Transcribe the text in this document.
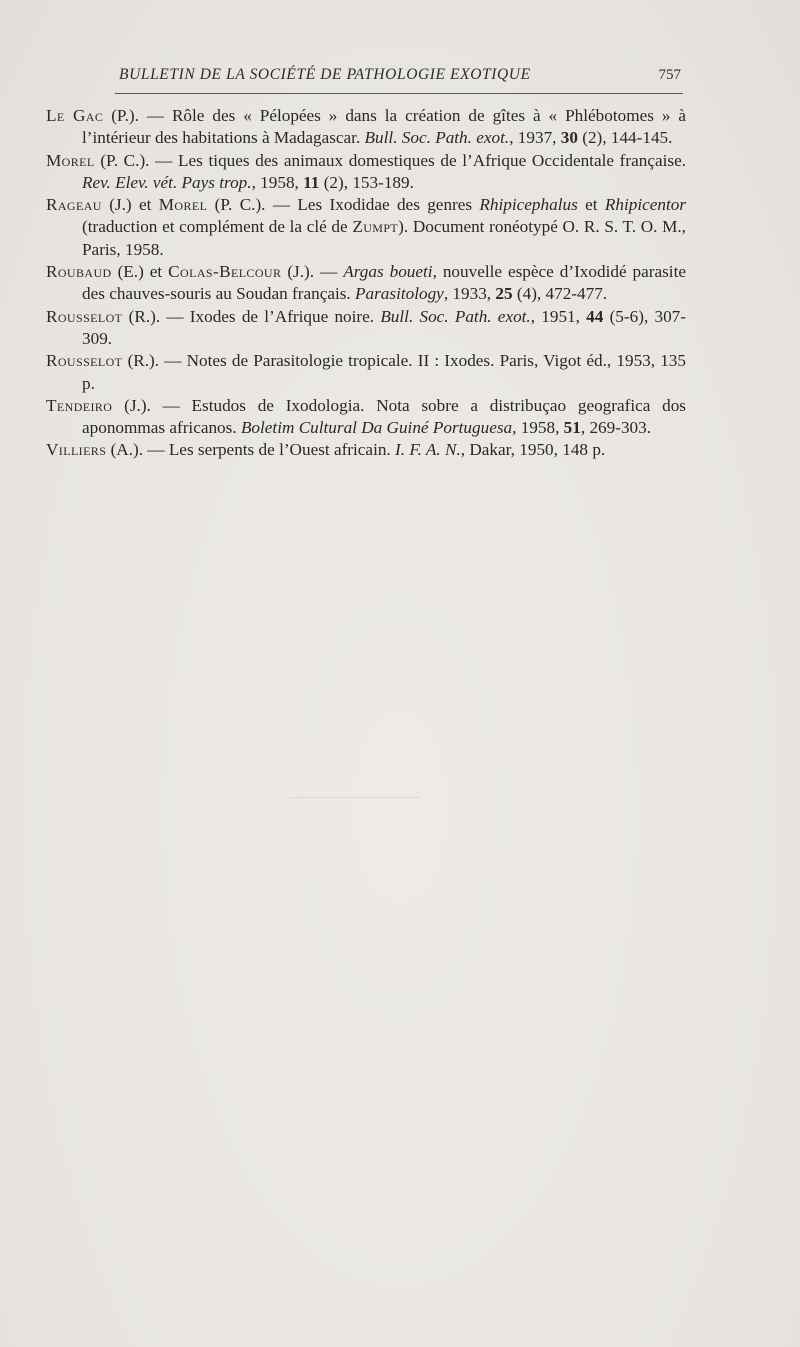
BULLETIN DE LA SOCIÉTÉ DE PATHOLOGIE EXOTIQUE	757

Le Gac (P.). — Rôle des « Pélopées » dans la création de gîtes à « Phlébotomes » à l’intérieur des habitations à Madagascar. Bull. Soc. Path. exot., 1937, 30 (2), 144-145.

Morel (P. C.). — Les tiques des animaux domestiques de l’Afrique Occidentale française. Rev. Elev. vét. Pays trop., 1958, 11 (2), 153-189.

Rageau (J.) et Morel (P. C.). — Les Ixodidae des genres Rhipicephalus et Rhipicentor (traduction et complément de la clé de Zumpt). Document ronéotypé O. R. S. T. O. M., Paris, 1958.

Roubaud (E.) et Colas-Belcour (J.). — Argas boueti, nouvelle espèce d’Ixodidé parasite des chauves-souris au Soudan français. Parasitology, 1933, 25 (4), 472-477.

Rousselot (R.). — Ixodes de l’Afrique noire. Bull. Soc. Path. exot., 1951, 44 (5-6), 307-309.

Rousselot (R.). — Notes de Parasitologie tropicale. II : Ixodes. Paris, Vigot éd., 1953, 135 p.

Tendeiro (J.). — Estudos de Ixodologia. Nota sobre a distribuçao geografica dos aponommas africanos. Boletim Cultural Da Guiné Portuguesa, 1958, 51, 269-303.

Villiers (A.). — Les serpents de l’Ouest africain. I. F. A. N., Dakar, 1950, 148 p.
